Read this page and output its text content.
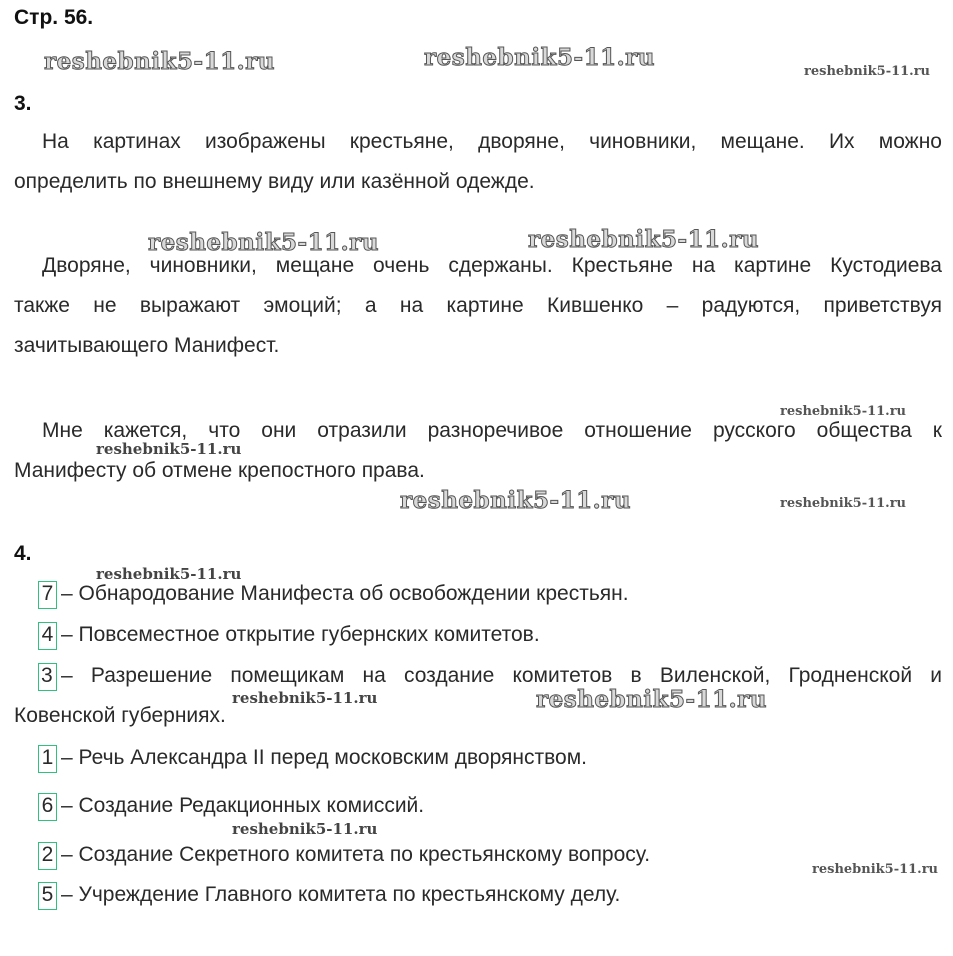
Стр. 56.
3.
На картинах изображены крестьяне, дворяне, чиновники, мещане. Их можно
определить по внешнему виду или казённой одежде.
Дворяне, чиновники, мещане очень сдержаны. Крестьяне на картине Кустодиева
также не выражают эмоций; а на картине Кившенко – радуются, приветствуя
зачитывающего Манифест.
Мне кажется, что они отразили разноречивое отношение русского общества к
Манифесту об отмене крепостного права.
4.
7 – Обнародование Манифеста об освобождении крестьян.
4 – Повсеместное открытие губернских комитетов.
3 – Разрешение помещикам на создание комитетов в Виленской, Гродненской и
Ковенской губерниях.
1 – Речь Александра II перед московским дворянством.
6 – Создание Редакционных комиссий.
2 – Создание Секретного комитета по крестьянскому вопросу.
5 – Учреждение Главного комитета по крестьянскому делу.
reshebnik5-11.ru	reshebnik5-11.ru
reshebnik5-11.ru
reshebnik5-11.ru	reshebnik5-11.ru
reshebnik5-11.ru
reshebnik5-11.ru
reshebnik5-11.ru	reshebnik5-11.ru
reshebnik5-11.ru
reshebnik5-11.ru	reshebnik5-11.ru
reshebnik5-11.ru
reshebnik5-11.ru
